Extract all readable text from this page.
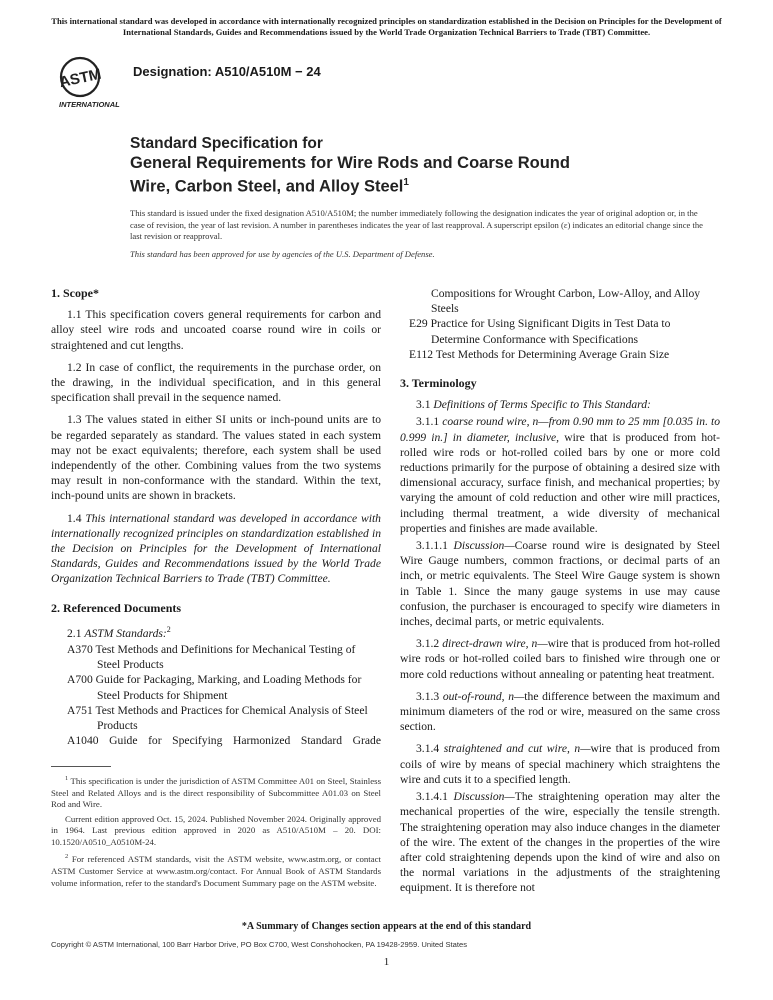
This international standard was developed in accordance with internationally recognized principles on standardization established in the Decision on Principles for the Development of International Standards, Guides and Recommendations issued by the World Trade Organization Technical Barriers to Trade (TBT) Committee.
ASTM
INTERNATIONAL
Designation: A510/A510M − 24
Standard Specification for
General Requirements for Wire Rods and Coarse Round
Wire, Carbon Steel, and Alloy Steel$^1$
This standard is issued under the fixed designation A510/A510M; the number immediately following the designation indicates the year of original adoption or, in the case of revision, the year of last revision. A number in parentheses indicates the year of last reapproval. A superscript epsilon (ε) indicates an editorial change since the last revision or reapproval.
This standard has been approved for use by agencies of the U.S. Department of Defense.
1. Scope*

1.1 This specification covers general requirements for carbon and alloy steel wire rods and uncoated coarse round wire in coils or straightened and cut lengths.

1.2 In case of conflict, the requirements in the purchase order, on the drawing, in the individual specification, and in this general specification shall prevail in the sequence named.

1.3 The values stated in either SI units or inch-pound units are to be regarded separately as standard. The values stated in each system may not be exact equivalents; therefore, each system shall be used independently of the other. Combining values from the two systems may result in non-conformance with the standard. Within the text, inch-pound units are shown in brackets.

1.4 This international standard was developed in accordance with internationally recognized principles on standardization established in the Decision on Principles for the Development of International Standards, Guides and Recommendations issued by the World Trade Organization Technical Barriers to Trade (TBT) Committee.

2. Referenced Documents

2.1 ASTM Standards:$^2$

A370 Test Methods and Definitions for Mechanical Testing of Steel Products
A700 Guide for Packaging, Marking, and Loading Methods for Steel Products for Shipment
A751 Test Methods and Practices for Chemical Analysis of Steel Products
A1040 Guide for Specifying Harmonized Standard Grade
Compositions for Wrought Carbon, Low-Alloy, and Alloy Steels
E29 Practice for Using Significant Digits in Test Data to Determine Conformance with Specifications
E112 Test Methods for Determining Average Grain Size
3. Terminology

3.1 Definitions of Terms Specific to This Standard:

3.1.1 coarse round wire, n—from 0.90 mm to 25 mm [0.035 in. to 0.999 in.] in diameter, inclusive, wire that is produced from hot-rolled wire rods or hot-rolled coiled bars by one or more cold reductions primarily for the purpose of obtaining a desired size with dimensional accuracy, surface finish, and mechanical properties; by varying the amount of cold reduction and other wire mill practices, including thermal treatment, a wide diversity of mechanical properties and finishes are made available.

3.1.1.1 Discussion—Coarse round wire is designated by Steel Wire Gauge numbers, common fractions, or decimal parts of an inch, or metric equivalents. The Steel Wire Gauge system is shown in Table 1. Since the many gauge systems in use may cause confusion, the purchaser is encouraged to specify wire diameters in inches, decimal parts, or metric equivalents.

3.1.2 direct-drawn wire, n—wire that is produced from hot-rolled wire rods or hot-rolled coiled bars to finished wire through one or more cold reductions without annealing or patenting heat treatment.

3.1.3 out-of-round, n—the difference between the maximum and minimum diameters of the rod or wire, measured on the same cross section.

3.1.4 straightened and cut wire, n—wire that is produced from coils of wire by means of special machinery which straightens the wire and cuts it to a specified length.

3.1.4.1 Discussion—The straightening operation may alter the mechanical properties of the wire, especially the tensile strength. The straightening operation may also induce changes in the diameter of the wire. The extent of the changes in the properties of the wire after cold straightening depends upon the kind of wire and also on the normal variations in the adjustments of the straightening equipment. It is therefore not

$^1$ This specification is under the jurisdiction of ASTM Committee A01 on Steel, Stainless Steel and Related Alloys and is the direct responsibility of Subcommittee A01.03 on Steel Rod and Wire.

Current edition approved Oct. 15, 2024. Published November 2024. Originally approved in 1964. Last previous edition approved in 2020 as A510/A510M – 20. DOI: 10.1520/A0510_A0510M-24.

$^2$ For referenced ASTM standards, visit the ASTM website, www.astm.org, or contact ASTM Customer Service at www.astm.org/contact. For Annual Book of ASTM Standards volume information, refer to the standard's Document Summary page on the ASTM website.

*A Summary of Changes section appears at the end of this standard
Copyright © ASTM International, 100 Barr Harbor Drive, PO Box C700, West Conshohocken, PA 19428-2959. United States
1
